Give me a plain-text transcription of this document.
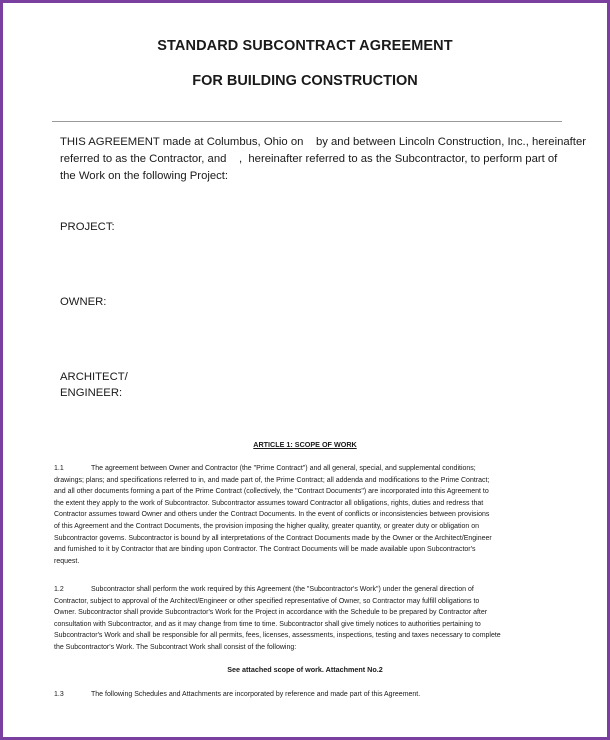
STANDARD SUBCONTRACT AGREEMENT
FOR BUILDING CONSTRUCTION
THIS AGREEMENT made at Columbus, Ohio on    by and between Lincoln Construction, Inc., hereinafter
referred to as the Contractor, and    ,  hereinafter referred to as the Subcontractor, to perform part of
the Work on the following Project:
PROJECT:
OWNER:
ARCHITECT/
ENGINEER:
ARTICLE 1: SCOPE OF WORK
1.1	The agreement between Owner and Contractor (the "Prime Contract") and all general, special, and supplemental conditions;
drawings; plans; and specifications referred to in, and made part of, the Prime Contract; all addenda and modifications to the Prime Contract;
and all other documents forming a part of the Prime Contract (collectively, the "Contract Documents") are incorporated into this Agreement to
the extent they apply to the work of Subcontractor. Subcontractor assumes toward Contractor all obligations, rights, duties and redress that
Contractor assumes toward Owner and others under the Contract Documents. In the event of conflicts or inconsistencies between provisions
of this Agreement and the Contract Documents, the provision imposing the higher quality, greater quantity, or greater duty or obligation on
Subcontractor governs. Subcontractor is bound by all interpretations of the Contract Documents made by the Owner or the Architect/Engineer
and furnished to it by Contractor that are binding upon Contractor. The Contract Documents will be made available upon Subcontractor's
request.
1.2	Subcontractor shall perform the work required by this Agreement (the "Subcontractor's Work") under the general direction of
Contractor, subject to approval of the Architect/Engineer or other specified representative of Owner, so Contractor may fulfill obligations to
Owner. Subcontractor shall provide Subcontractor's Work for the Project in accordance with the Schedule to be prepared by Contractor after
consultation with Subcontractor, and as it may change from time to time. Subcontractor shall give timely notices to authorities pertaining to
Subcontractor's Work and shall be responsible for all permits, fees, licenses, assessments, inspections, testing and taxes necessary to complete
the Subcontractor's Work. The Subcontract Work shall consist of the following:
See attached scope of work. Attachment No.2
1.3	The following Schedules and Attachments are incorporated by reference and made part of this Agreement.
